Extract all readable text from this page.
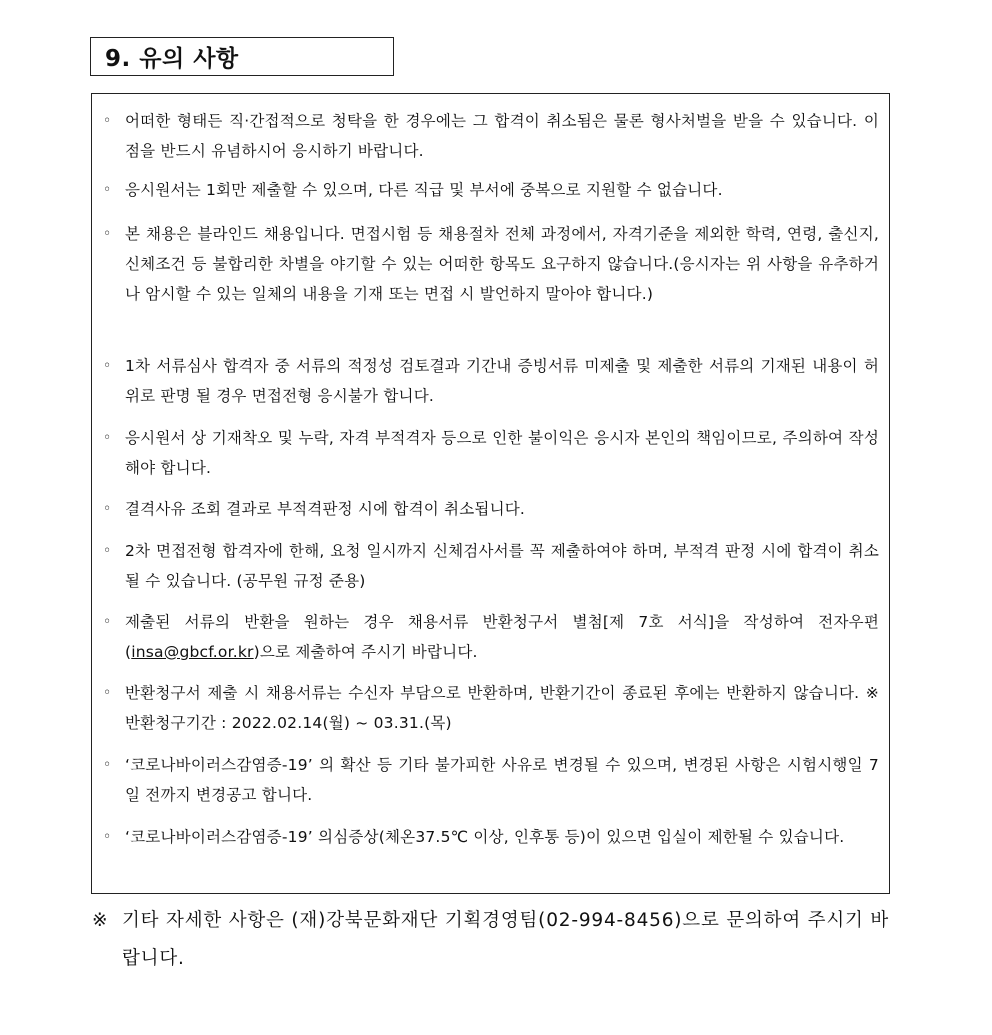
9. 유의 사항
◦ 어떠한 형태든 직·간접적으로 청탁을 한 경우에는 그 합격이 취소됨은 물론 형사처벌을 받을 수 있습니다. 이 점을 반드시 유념하시어 응시하기 바랍니다.
◦ 응시원서는 1회만 제출할 수 있으며, 다른 직급 및 부서에 중복으로 지원할 수 없습니다.
◦ 본 채용은 블라인드 채용입니다. 면접시험 등 채용절차 전체 과정에서, 자격기준을 제외한 학력, 연령, 출신지, 신체조건 등 불합리한 차별을 야기할 수 있는 어떠한 항목도 요구하지 않습니다.(응시자는 위 사항을 유추하거나 암시할 수 있는 일체의 내용을 기재 또는 면접 시 발언하지 말아야 합니다.)
◦ 1차 서류심사 합격자 중 서류의 적정성 검토결과 기간내 증빙서류 미제출 및 제출한 서류의 기재된 내용이 허위로 판명 될 경우 면접전형 응시불가 합니다.
◦ 응시원서 상 기재착오 및 누락, 자격 부적격자 등으로 인한 불이익은 응시자 본인의 책임이므로, 주의하여 작성해야 합니다.
◦ 결격사유 조회 결과로 부적격판정 시에 합격이 취소됩니다.
◦ 2차 면접전형 합격자에 한해, 요청 일시까지 신체검사서를 꼭 제출하여야 하며, 부적격 판정 시에 합격이 취소될 수 있습니다. (공무원 규정 준용)
◦ 제출된 서류의 반환을 원하는 경우 채용서류 반환청구서 별첨[제 7호 서식]을 작성하여 전자우편(insa@gbcf.or.kr)으로 제출하여 주시기 바랍니다.
◦ 반환청구서 제출 시 채용서류는 수신자 부담으로 반환하며, 반환기간이 종료된 후에는 반환하지 않습니다. ※ 반환청구기간 : 2022.02.14(월) ~ 03.31.(목)
◦ ‘코로나바이러스감염증-19’ 의 확산 등 기타 불가피한 사유로 변경될 수 있으며, 변경된 사항은 시험시행일 7일 전까지 변경공고 합니다.
◦ ‘코로나바이러스감염증-19’ 의심증상(체온37.5℃ 이상, 인후통 등)이 있으면 입실이 제한될 수 있습니다.
※ 기타 자세한 사항은 (재)강북문화재단 기획경영팀(02-994-8456)으로 문의하여 주시기 바랍니다.
